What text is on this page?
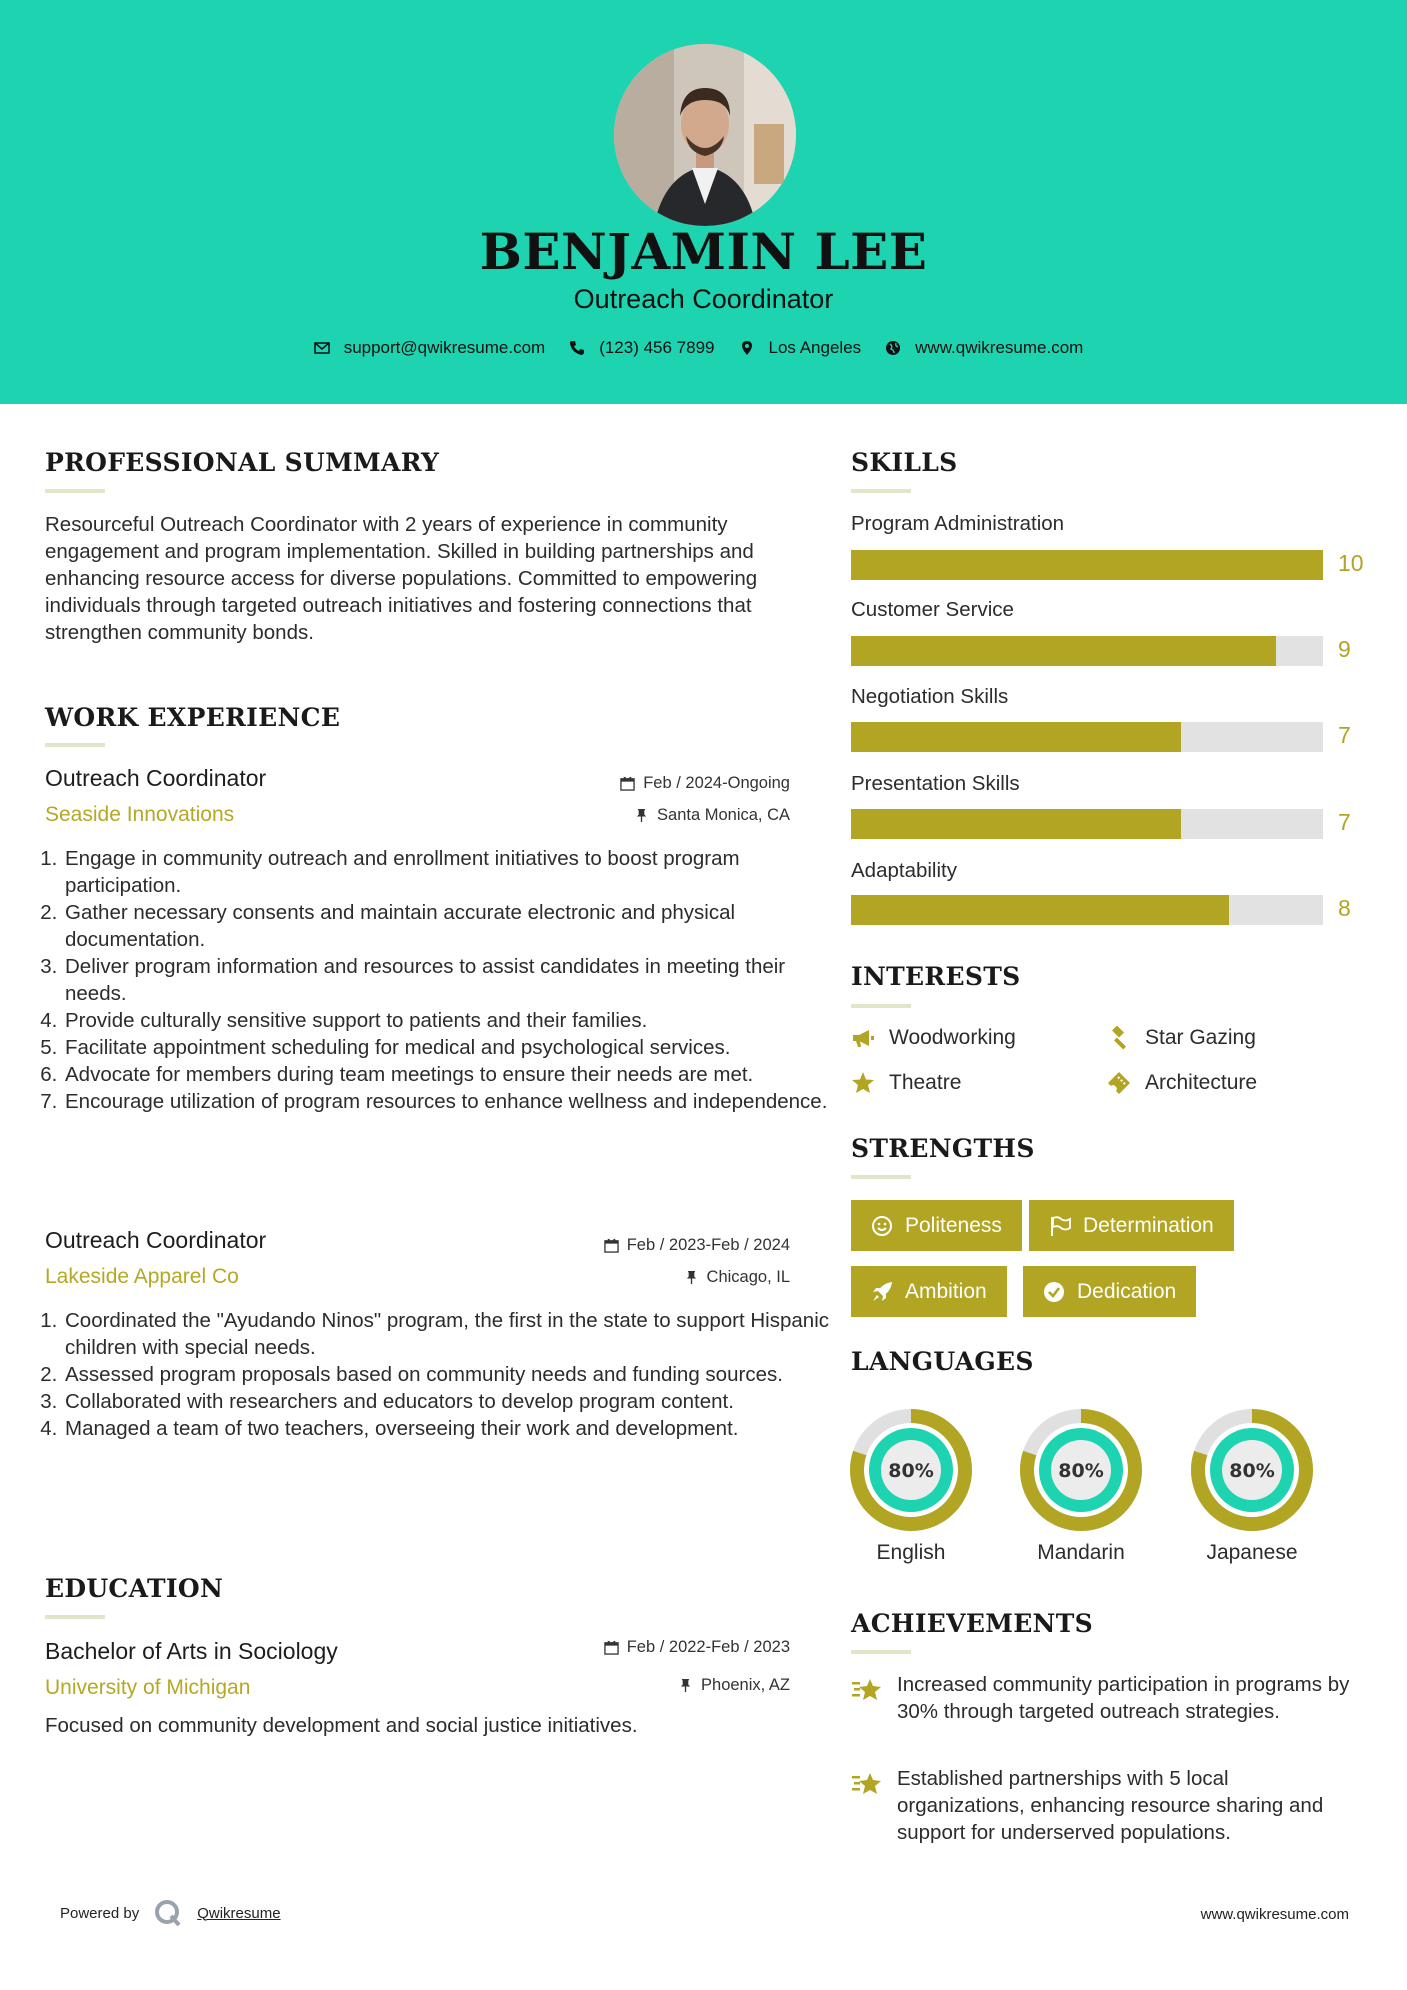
BENJAMIN LEE
Outreach Coordinator
support@qwikresume.com	(123) 456 7899	Los Angeles	www.qwikresume.com
PROFESSIONAL SUMMARY
Resourceful Outreach Coordinator with 2 years of experience in community engagement and program implementation. Skilled in building partnerships and enhancing resource access for diverse populations. Committed to empowering individuals through targeted outreach initiatives and fostering connections that strengthen community bonds.
WORK EXPERIENCE
Outreach Coordinator
Seaside Innovations
Feb / 2024-Ongoing
Santa Monica, CA
1. Engage in community outreach and enrollment initiatives to boost program participation.
2. Gather necessary consents and maintain accurate electronic and physical documentation.
3. Deliver program information and resources to assist candidates in meeting their needs.
4. Provide culturally sensitive support to patients and their families.
5. Facilitate appointment scheduling for medical and psychological services.
6. Advocate for members during team meetings to ensure their needs are met.
7. Encourage utilization of program resources to enhance wellness and independence.
Outreach Coordinator
Lakeside Apparel Co
Feb / 2023-Feb / 2024
Chicago, IL
1. Coordinated the "Ayudando Ninos" program, the first in the state to support Hispanic children with special needs.
2. Assessed program proposals based on community needs and funding sources.
3. Collaborated with researchers and educators to develop program content.
4. Managed a team of two teachers, overseeing their work and development.
EDUCATION
Bachelor of Arts in Sociology
University of Michigan
Feb / 2022-Feb / 2023
Phoenix, AZ
Focused on community development and social justice initiatives.
SKILLS
Program Administration
10
Customer Service
9
Negotiation Skills
7
Presentation Skills
7
Adaptability
8
INTERESTS
Woodworking	Star Gazing
Theatre	Architecture
STRENGTHS
Politeness	Determination
Ambition	Dedication
LANGUAGES
80%
English
80%
Mandarin
80%
Japanese
ACHIEVEMENTS
Increased community participation in programs by 30% through targeted outreach strategies.
Established partnerships with 5 local organizations, enhancing resource sharing and support for underserved populations.
Powered by	Qwikresume	www.qwikresume.com
